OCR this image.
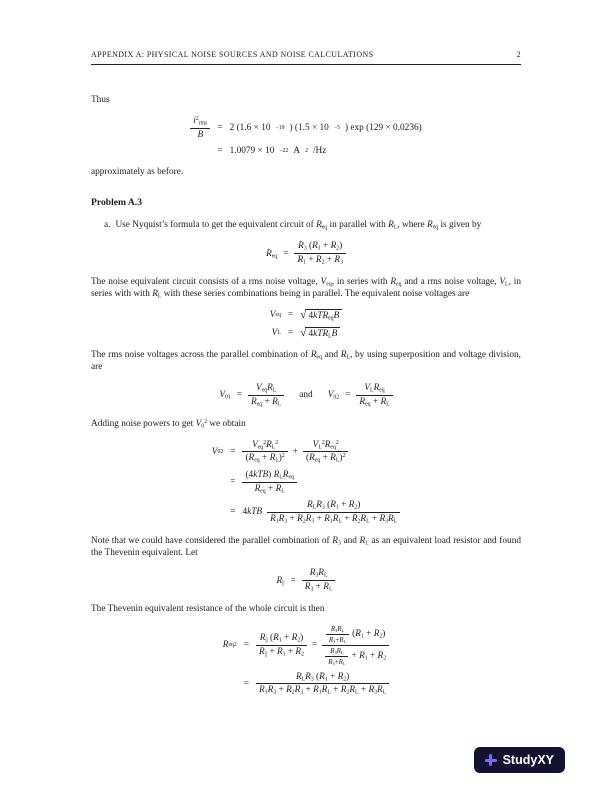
APPENDIX A: PHYSICAL NOISE SOURCES AND NOISE CALCULATIONS	2

Thus

$\frac{i^2_{rms}}{B} = 2$ (1.6 × 10 −19 ) (1.5 × 10 −5 ) exp (129 × 0.0236)
= 1.0079 × 10 −22 A 2 /Hz

approximately as before.

Problem A.3

a. Use Nyquist’s formula to get the equivalent circuit of $R_{eq}$ in parallel with $R_L$, where $R_{eq}$ is given by
$R_{eq} = \frac{R_3 (R_1 + R_2)}{R_1 + R_2 + R_3}$

The noise equivalent circuit consists of a rms noise voltage, $V_{eq}$, in series with $R_{eq}$ and a rms noise voltage, $V_L$, in series with with $R_L$ with these series combinations being in parallel. The equivalent noise voltages are

V eq = √ 4kTR$_{eq}$B
V L = √ 4kTR$_L$B

The rms noise voltages across the parallel combination of $R_{eq}$ and $R_L$, by using superposition and voltage division, are

$V_{01} = \frac{V_{eq}R_L}{R_{eq} + R_L}$ and $V_{02} = \frac{V_LR_{eq}}{R_{eq} + R_L}$

Adding noise powers to get $V_0^2$ we obtain

V 0 $2 = \frac{V_{eq}^2R_L^2}{(R_{eq} + R_L)^2} + \frac{V_L^2R_{eq}^2}{(R_{eq} + R_L)^2}$
= $\frac{(4kTB) R_LR_{eq}}{R_{eq} + R_L}$
= $4kTB \frac{R_LR_3 (R_1 + R_2)}{R_1R_3 + R_2R_3 + R_1R_L + R_2R_L + R_3R_L}$

Note that we could have considered the parallel combination of $R_3$ and $R_L$ as an equivalent load resistor and found the Thevenin equivalent. Let

$R_{||} = \frac{R_3R_L}{R_3 + R_L}$

The Thevenin equivalent resistance of the whole circuit is then

R $eq2 = \frac{R_{||} (R_1 + R_2)}{R_{||} + R_1 + R_2} = \frac{\frac{R_3R_L}{R_3+R_L} (R_1 + R_2)}{\frac{R_3R_L}{R_3+R_L} + R_1 + R_2}$
= $\frac{R_LR_3 (R_1 + R_2)}{R_1R_3 + R_2R_3 + R_1R_L + R_2R_L + R_3R_L}$
StudyXY
